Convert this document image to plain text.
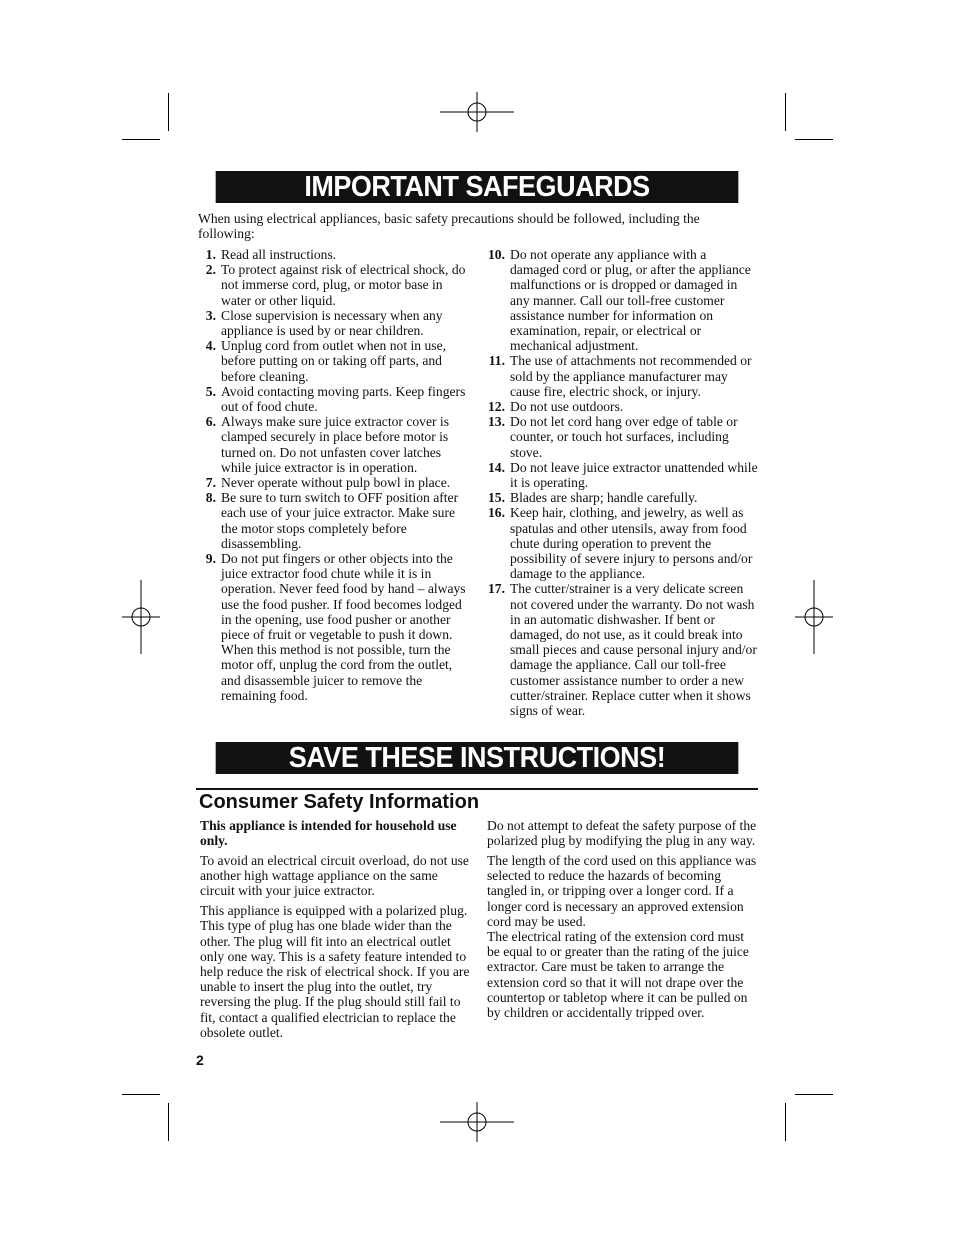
IMPORTANT SAFEGUARDS
When using electrical appliances, basic safety precautions should be followed, including the following:
1. Read all instructions.
2. To protect against risk of electrical shock, do not immerse cord, plug, or motor base in water or other liquid.
3. Close supervision is necessary when any appliance is used by or near children.
4. Unplug cord from outlet when not in use, before putting on or taking off parts, and before cleaning.
5. Avoid contacting moving parts. Keep fingers out of food chute.
6. Always make sure juice extractor cover is clamped securely in place before motor is turned on. Do not unfasten cover latches while juice extractor is in operation.
7. Never operate without pulp bowl in place.
8. Be sure to turn switch to OFF position after each use of your juice extractor. Make sure the motor stops completely before disassembling.
9. Do not put fingers or other objects into the juice extractor food chute while it is in operation. Never feed food by hand – always use the food pusher. If food becomes lodged in the opening, use food pusher or another piece of fruit or vegetable to push it down. When this method is not possible, turn the motor off, unplug the cord from the outlet, and disassemble juicer to remove the remaining food.
10. Do not operate any appliance with a damaged cord or plug, or after the appliance malfunctions or is dropped or damaged in any manner. Call our toll-free customer assistance number for information on examination, repair, or electrical or mechanical adjustment.
11. The use of attachments not recommended or sold by the appliance manufacturer may cause fire, electric shock, or injury.
12. Do not use outdoors.
13. Do not let cord hang over edge of table or counter, or touch hot surfaces, including stove.
14. Do not leave juice extractor unattended while it is operating.
15. Blades are sharp; handle carefully.
16. Keep hair, clothing, and jewelry, as well as spatulas and other utensils, away from food chute during operation to prevent the possibility of severe injury to persons and/or damage to the appliance.
17. The cutter/strainer is a very delicate screen not covered under the warranty. Do not wash in an automatic dishwasher. If bent or damaged, do not use, as it could break into small pieces and cause personal injury and/or damage the appliance. Call our toll-free customer assistance number to order a new cutter/strainer. Replace cutter when it shows signs of wear.
SAVE THESE INSTRUCTIONS!
Consumer Safety Information

This appliance is intended for household use only.

To avoid an electrical circuit overload, do not use another high wattage appliance on the same circuit with your juice extractor.

This appliance is equipped with a polarized plug. This type of plug has one blade wider than the other. The plug will fit into an electrical outlet only one way. This is a safety feature intended to help reduce the risk of electrical shock. If you are unable to insert the plug into the outlet, try reversing the plug. If the plug should still fail to fit, contact a qualified electrician to replace the obsolete outlet.

Do not attempt to defeat the safety purpose of the polarized plug by modifying the plug in any way.

The length of the cord used on this appliance was selected to reduce the hazards of becoming tangled in, or tripping over a longer cord. If a longer cord is necessary an approved extension cord may be used.

The electrical rating of the extension cord must be equal to or greater than the rating of the juice extractor. Care must be taken to arrange the extension cord so that it will not drape over the countertop or tabletop where it can be pulled on by children or accidentally tripped over.

2
